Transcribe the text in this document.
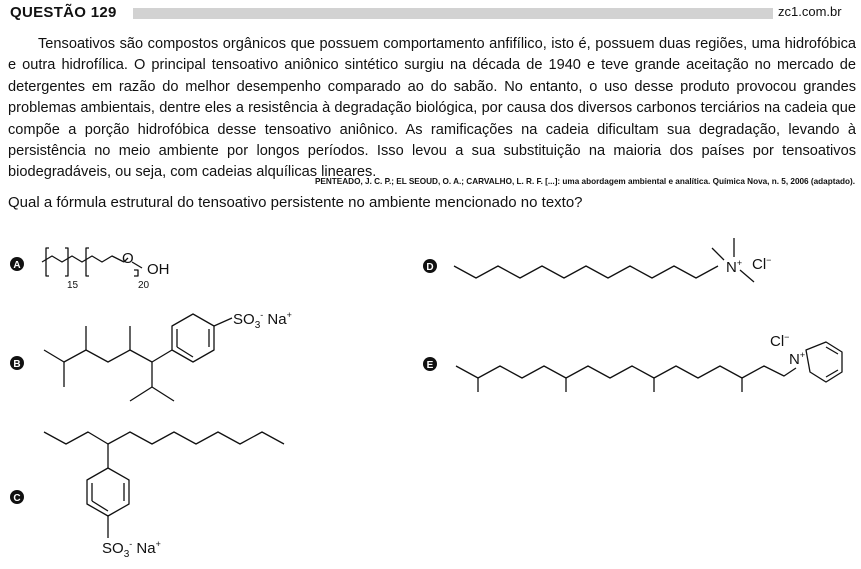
QUESTÃO 129	zc1.com.br
Tensoativos são compostos orgânicos que possuem comportamento anfifílico, isto é, possuem duas regiões, uma hidrofóbica e outra hidrofílica. O principal tensoativo aniônico sintético surgiu na década de 1940 e teve grande aceitação no mercado de detergentes em razão do melhor desempenho comparado ao do sabão. No entanto, o uso desse produto provocou grandes problemas ambientais, dentre eles a resistência à degradação biológica, por causa dos diversos carbonos terciários na cadeia que compõe a porção hidrofóbica desse tensoativo aniônico. As ramificações na cadeia dificultam sua degradação, levando à persistência no meio ambiente por longos períodos. Isso levou a sua substituição na maioria dos países por tensoativos biodegradáveis, ou seja, com cadeias alquílicas lineares.
PENTEADO, J. C. P.; EL SEOUD, O. A.; CARVALHO, L. R. F. [...]: uma abordagem ambiental e analítica. Química Nova, n. 5, 2006 (adaptado).
Qual a fórmula estrutural do tensoativo persistente no ambiente mencionado no texto?
A	O
OH
15	20
B
$SO_3^-$ Na+
C
$SO_3^-$ Na+
D	N+ Cl−
E	N+
Cl−
